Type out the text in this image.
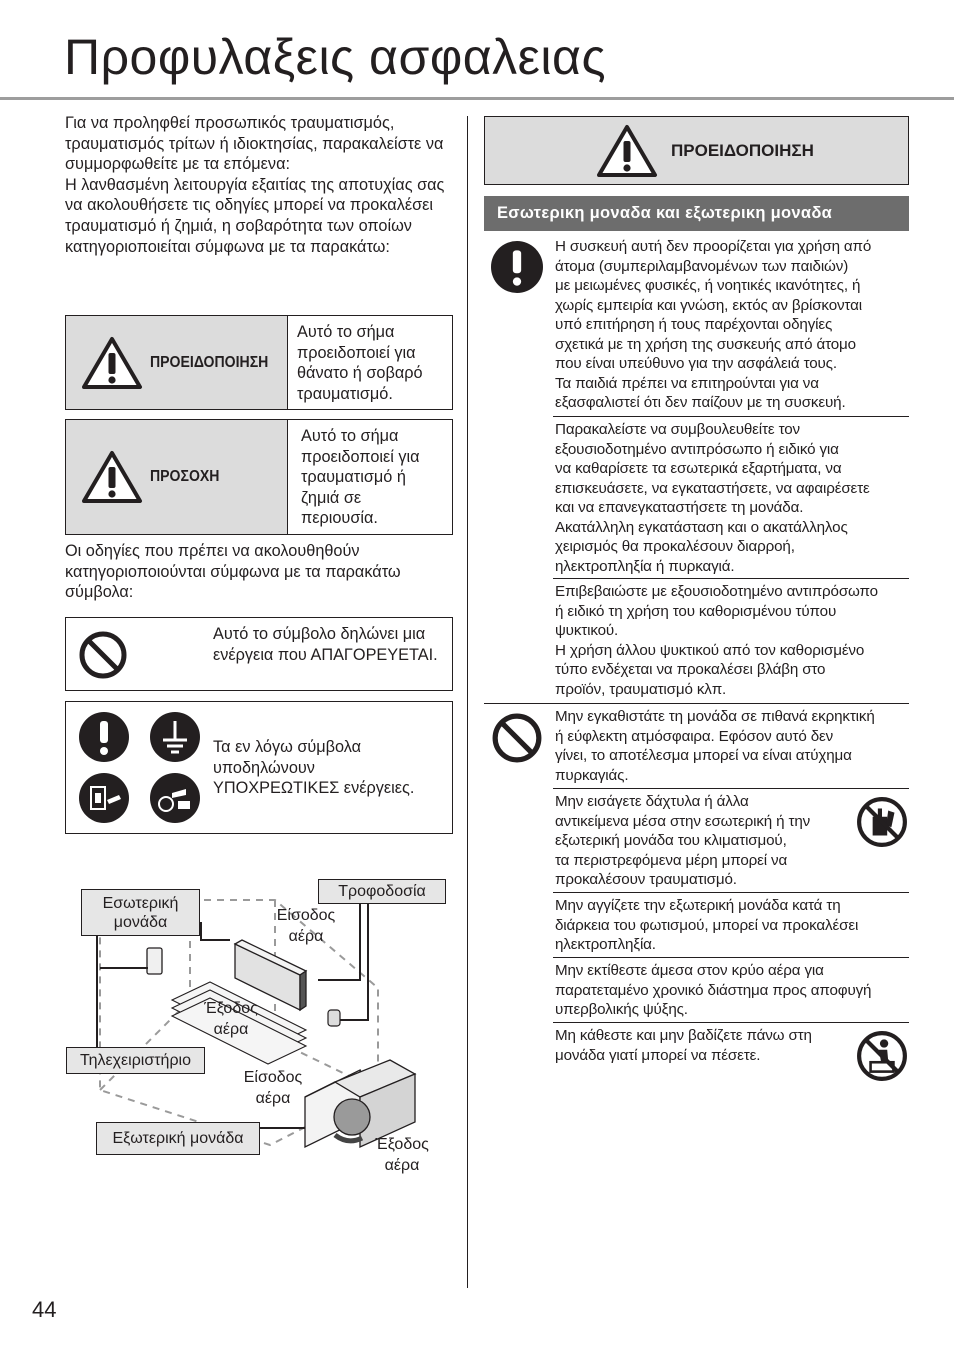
Προφυλαξεις ασφαλειας

Για να προληφθεί προσωπικός τραυματισμός, τραυματισμός τρίτων ή ιδιοκτησίας, παρακαλείστε να συμμορφωθείτε με τα επόμενα:

Η λανθασμένη λειτουργία εξαιτίας της αποτυχίας σας να ακολουθήσετε τις οδηγίες μπορεί να προκαλέσει τραυματισμό ή ζημιά, η σοβαρότητα των οποίων κατηγοριοποιείται σύμφωνα με τα παρακάτω:

ΠΡΟΕΙΔΟΠΟΙΗΣΗ
Αυτό το σήμα προειδοποιεί για θάνατο ή σοβαρό τραυματισμό.
ΠΡΟΣΟΧΗ
Αυτό το σήμα προειδοποιεί για τραυματισμό ή ζημιά σε περιουσία.
Οι οδηγίες που πρέπει να ακολουθηθούν κατηγοριοποιούνται σύμφωνα με τα παρακάτω σύμβολα:
Αυτό το σύμβολο δηλώνει μια ενέργεια που ΑΠΑΓΟΡΕΥΕΤΑΙ.
Τα εν λόγω σύμβολα υποδηλώνουν ΥΠΟΧΡΕΩΤΙΚΕΣ ενέργειες.
Εσωτερική μονάδα
Τροφοδοσία
Είσοδος αέρα
Έξοδος αέρα
Τηλεχειριστήριο
Είσοδος αέρα
Εξωτερική μονάδα	Έξοδος αέρα
44
ΠΡΟΕΙΔΟΠΟΙΗΣΗ
Εσωτερικη μοναδα και εξωτερικη μοναδα
Η συσκευή αυτή δεν προορίζεται για χρήση από
άτομα (συμπεριλαμβανομένων των παιδιών)
με μειωμένες φυσικές, ή νοητικές ικανότητες, ή
χωρίς εμπειρία και γνώση, εκτός αν βρίσκονται
υπό επιτήρηση ή τους παρέχονται οδηγίες
σχετικά με τη χρήση της συσκευής από άτομο
που είναι υπεύθυνο για την ασφάλειά τους.
Τα παιδιά πρέπει να επιτηρούνται για να
εξασφαλιστεί ότι δεν παίζουν με τη συσκευή.
Παρακαλείστε να συμβουλευθείτε τον
εξουσιοδοτημένο αντιπρόσωπο ή ειδικό για
να καθαρίσετε τα εσωτερικά εξαρτήματα, να
επισκευάσετε, να εγκαταστήσετε, να αφαιρέσετε
και να επανεγκαταστήσετε τη μονάδα.
Ακατάλληλη εγκατάσταση και ο ακατάλληλος
χειρισμός θα προκαλέσουν διαρροή,
ηλεκτροπληξία ή πυρκαγιά.
Επιβεβαιώστε με εξουσιοδοτημένο αντιπρόσωπο
ή ειδικό τη χρήση του καθορισμένου τύπου
ψυκτικού.
Η χρήση άλλου ψυκτικού από τον καθορισμένο
τύπο ενδέχεται να προκαλέσει βλάβη στο
προϊόν, τραυματισμό κλπ.
Μην εγκαθιστάτε τη μονάδα σε πιθανά εκρηκτική
ή εύφλεκτη ατμόσφαιρα. Εφόσον αυτό δεν
γίνει, το αποτέλεσμα μπορεί να είναι ατύχημα
πυρκαγιάς.
Μην εισάγετε δάχτυλα ή άλλα
αντικείμενα μέσα στην εσωτερική ή την
εξωτερική μονάδα του κλιματισμού,
τα περιστρεφόμενα μέρη μπορεί να
προκαλέσουν τραυματισμό.
Μην αγγίζετε την εξωτερική μονάδα κατά τη
διάρκεια του φωτισμού, μπορεί να προκαλέσει
ηλεκτροπληξία.
Μην εκτίθεστε άμεσα στον κρύο αέρα για
παρατεταμένο χρονικό διάστημα προς αποφυγή
υπερβολικής ψύξης.
Μη κάθεστε και μην βαδίζετε πάνω στη
μονάδα γιατί μπορεί να πέσετε.
